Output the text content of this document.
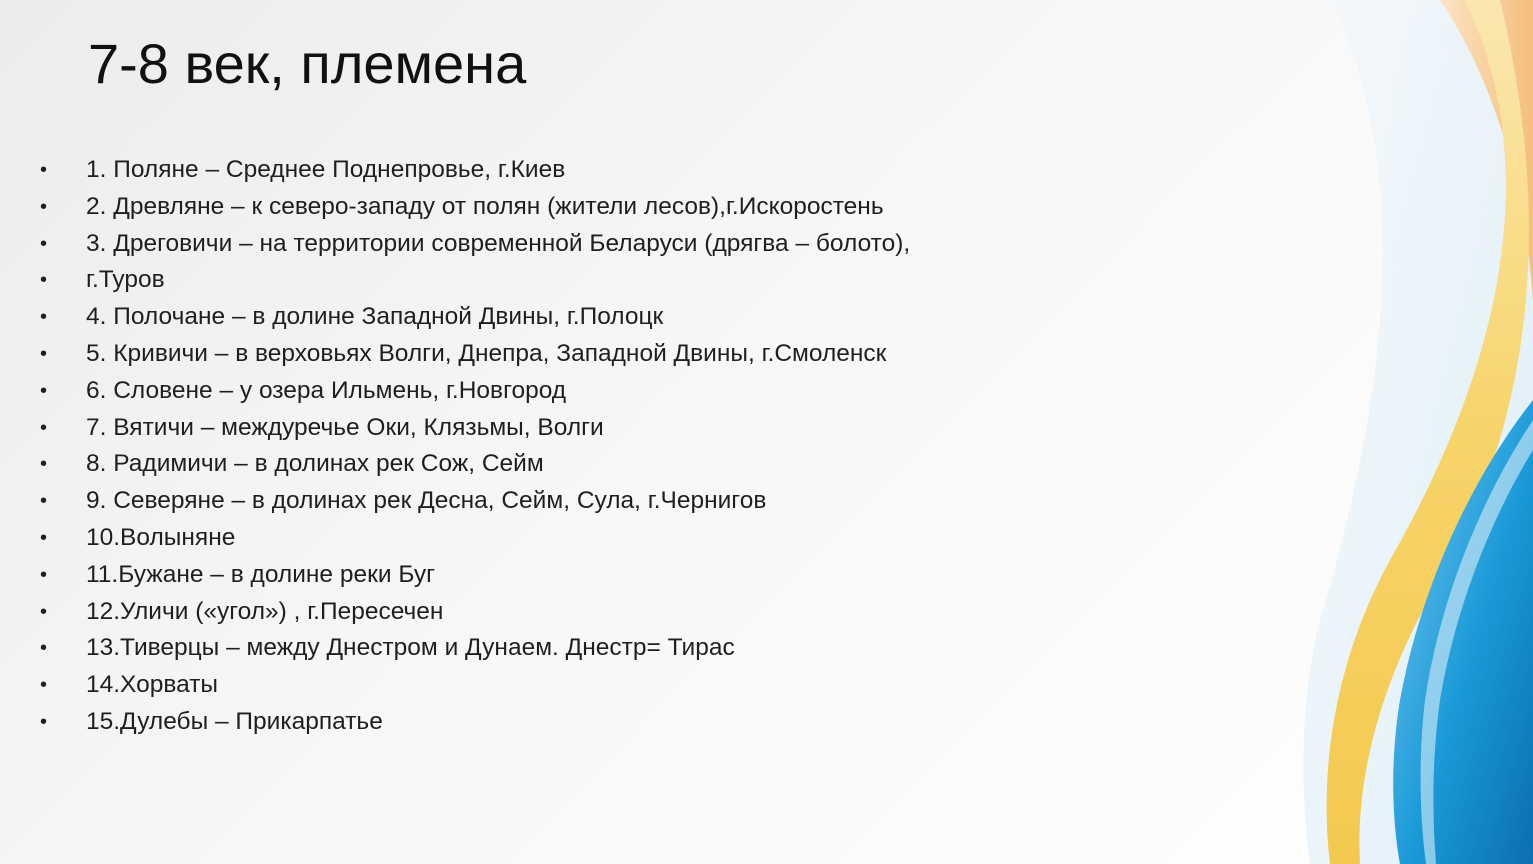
7-8 век, племена
• 1. Поляне – Среднее Поднепровье, г.Киев
• 2. Древляне – к северо-западу от полян (жители лесов),г.Искоростень
• 3. Дреговичи – на территории современной Беларуси (дрягва – болото),
• г.Туров
• 4. Полочане – в долине Западной Двины, г.Полоцк
• 5. Кривичи – в верховьях Волги, Днепра, Западной Двины, г.Смоленск
• 6. Словене – у озера Ильмень, г.Новгород
• 7. Вятичи – междуречье Оки, Клязьмы, Волги
• 8. Радимичи – в долинах рек Сож, Сейм
• 9. Северяне – в долинах рек Десна, Сейм, Сула, г.Чернигов
• 10.Волыняне
• 11.Бужане – в долине реки Буг
• 12.Уличи («угол») , г.Пересечен
• 13.Тиверцы – между Днестром и Дунаем. Днестр= Тирас
• 14.Хорваты
• 15.Дулебы – Прикарпатье
